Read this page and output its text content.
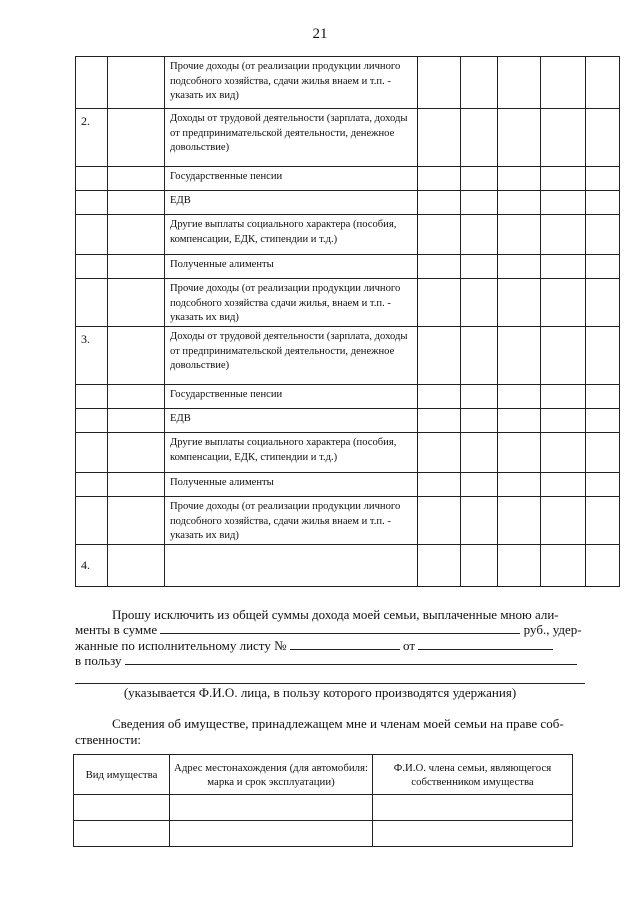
21
		Прочие доходы (от реализации продукции личного подсобного хозяйства, сдачи жилья внаем и т.п. - указать их вид)					
2.		Доходы от трудовой деятельности (зарплата, доходы от предпринимательской деятельности, денежное довольствие)					
		Государственные пенсии					
		ЕДВ					
		Другие выплаты социального характера (пособия, компенсации, ЕДК, стипендии и т.д.)					
		Полученные алименты					
		Прочие доходы (от реализации продукции личного подсобного хозяйства сдачи жилья, внаем и т.п. - указать их вид)					
3.		Доходы от трудовой деятельности (зарплата, доходы от предпринимательской деятельности, денежное довольствие)					
		Государственные пенсии					
		ЕДВ					
		Другие выплаты социального характера (пособия, компенсации, ЕДК, стипендии и т.д.)					
		Полученные алименты					
		Прочие доходы (от реализации продукции личного подсобного хозяйства, сдачи жилья внаем и т.п. - указать их вид)					
4.							
Прошу исключить из общей суммы дохода моей семьи, выплаченные мною али-
менты в сумме	руб., удер-
жанные по исполнительному листу №	от
в пользу
(указывается Ф.И.О. лица, в пользу которого производятся удержания)
Сведения об имуществе, принадлежащем мне и членам моей семьи на праве соб-
ственности:
Вид имущества	Адрес местонахождения (для автомобиля: марка и срок эксплуатации)	Ф.И.О. члена семьи, являющегося собственником имущества
